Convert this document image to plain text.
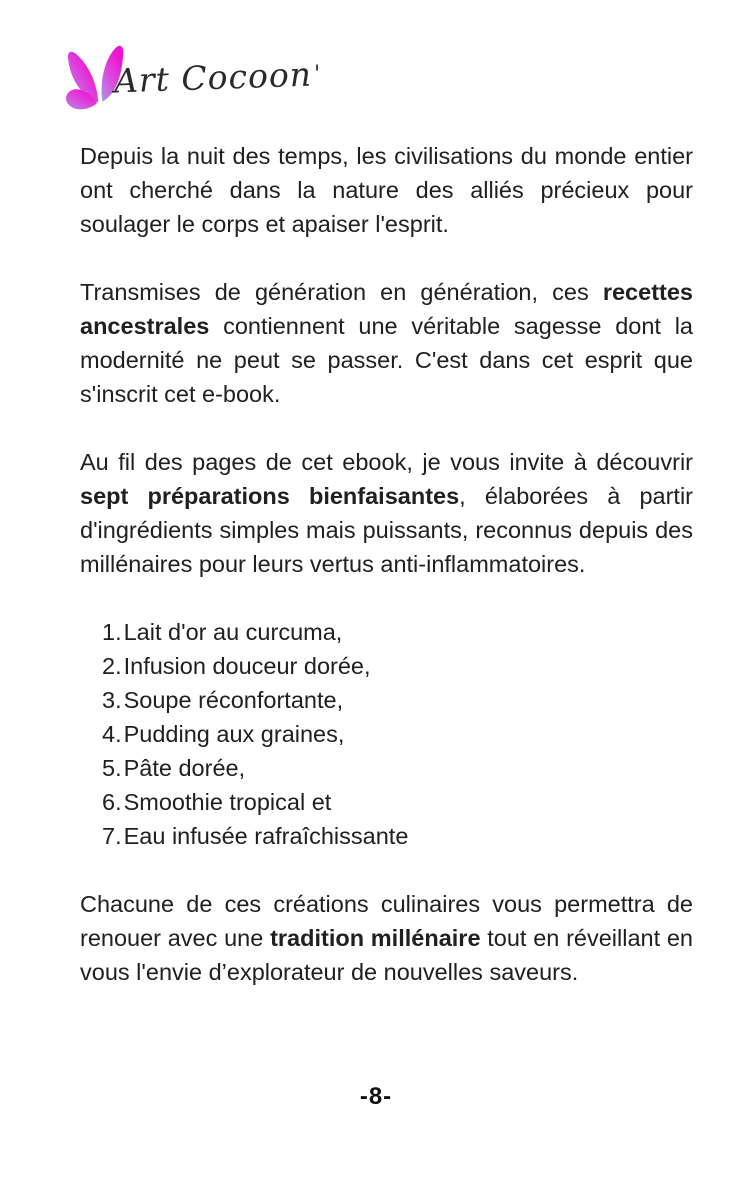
Art Cocoon '

Depuis la nuit des temps, les civilisations du monde entier ont cherché dans la nature des alliés précieux pour soulager le corps et apaiser l'esprit.

Transmises de génération en génération, ces recettes ancestrales contiennent une véritable sagesse dont la modernité ne peut se passer. C'est dans cet esprit que s'inscrit cet e-book.

Au fil des pages de cet ebook, je vous invite à découvrir sept préparations bienfaisantes, élaborées à partir d'ingrédients simples mais puissants, reconnus depuis des millénaires pour leurs vertus anti-inflammatoires.

Lait d'or au curcuma,
Infusion douceur dorée,
Soupe réconfortante,
Pudding aux graines,
Pâte dorée,
Smoothie tropical et
Eau infusée rafraîchissante

Chacune de ces créations culinaires vous permettra de renouer avec une tradition millénaire tout en réveillant en vous l'envie d’explorateur de nouvelles saveurs.

-8-
